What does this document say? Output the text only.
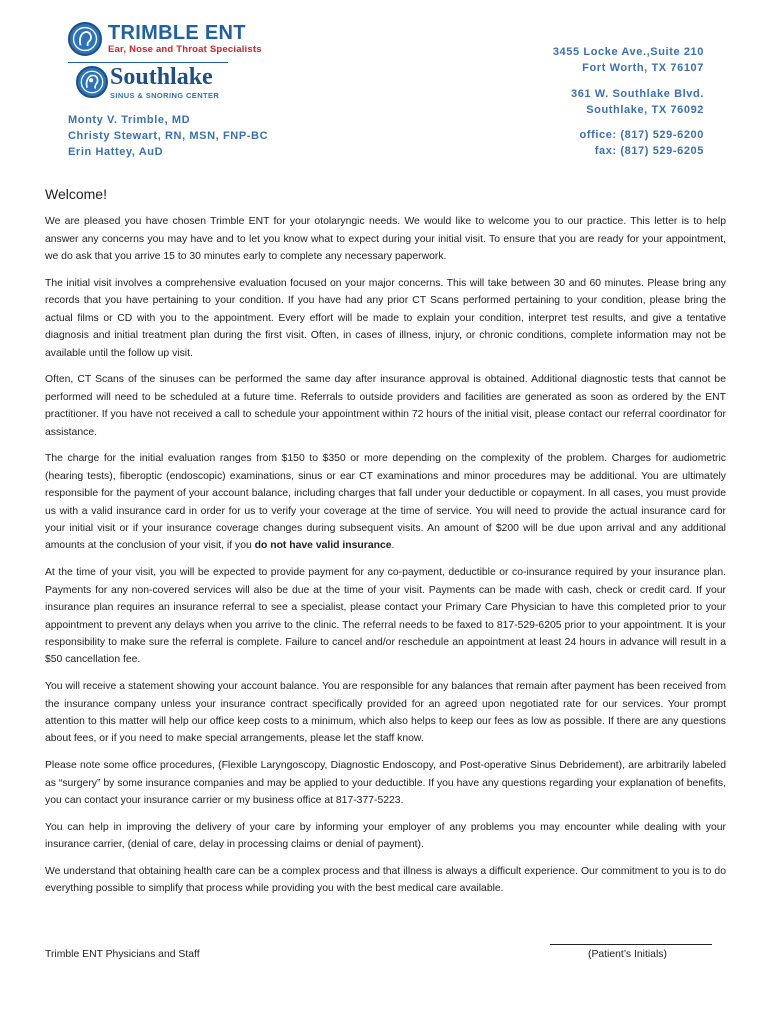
TRIMBLE ENT
Ear, Nose and Throat Specialists
Southlake
SINUS & SNORING CENTER
3455 Locke Ave.,Suite 210
Fort Worth, TX 76107
361 W. Southlake Blvd.
Southlake, TX 76092
office: (817) 529-6200
fax: (817) 529-6205
Monty V. Trimble, MD
Christy Stewart, RN, MSN, FNP-BC
Erin Hattey, AuD
Welcome!

We are pleased you have chosen Trimble ENT for your otolaryngic needs. We would like to welcome you to our practice. This letter is to help answer any concerns you may have and to let you know what to expect during your initial visit. To ensure that you are ready for your appointment, we do ask that you arrive 15 to 30 minutes early to complete any necessary paperwork.

The initial visit involves a comprehensive evaluation focused on your major concerns. This will take between 30 and 60 minutes. Please bring any records that you have pertaining to your condition. If you have had any prior CT Scans performed pertaining to your condition, please bring the actual films or CD with you to the appointment. Every effort will be made to explain your condition, interpret test results, and give a tentative diagnosis and initial treatment plan during the first visit. Often, in cases of illness, injury, or chronic conditions, complete information may not be available until the follow up visit.

Often, CT Scans of the sinuses can be performed the same day after insurance approval is obtained. Additional diagnostic tests that cannot be performed will need to be scheduled at a future time. Referrals to outside providers and facilities are generated as soon as ordered by the ENT practitioner. If you have not received a call to schedule your appointment within 72 hours of the initial visit, please contact our referral coordinator for assistance.

The charge for the initial evaluation ranges from $150 to $350 or more depending on the complexity of the problem. Charges for audiometric (hearing tests), fiberoptic (endoscopic) examinations, sinus or ear CT examinations and minor procedures may be additional. You are ultimately responsible for the payment of your account balance, including charges that fall under your deductible or copayment. In all cases, you must provide us with a valid insurance card in order for us to verify your coverage at the time of service. You will need to provide the actual insurance card for your initial visit or if your insurance coverage changes during subsequent visits. An amount of $200 will be due upon arrival and any additional amounts at the conclusion of your visit, if you do not have valid insurance.

At the time of your visit, you will be expected to provide payment for any co-payment, deductible or co-insurance required by your insurance plan. Payments for any non-covered services will also be due at the time of your visit. Payments can be made with cash, check or credit card. If your insurance plan requires an insurance referral to see a specialist, please contact your Primary Care Physician to have this completed prior to your appointment to prevent any delays when you arrive to the clinic. The referral needs to be faxed to 817-529-6205 prior to your appointment. It is your responsibility to make sure the referral is complete. Failure to cancel and/or reschedule an appointment at least 24 hours in advance will result in a $50 cancellation fee.

You will receive a statement showing your account balance. You are responsible for any balances that remain after payment has been received from the insurance company unless your insurance contract specifically provided for an agreed upon negotiated rate for our services. Your prompt attention to this matter will help our office keep costs to a minimum, which also helps to keep our fees as low as possible. If there are any questions about fees, or if you need to make special arrangements, please let the staff know.

Please note some office procedures, (Flexible Laryngoscopy, Diagnostic Endoscopy, and Post-operative Sinus Debridement), are arbitrarily labeled as “surgery” by some insurance companies and may be applied to your deductible. If you have any questions regarding your explanation of benefits, you can contact your insurance carrier or my business office at 817-377-5223.

You can help in improving the delivery of your care by informing your employer of any problems you may encounter while dealing with your insurance carrier, (denial of care, delay in processing claims or denial of payment).

We understand that obtaining health care can be a complex process and that illness is always a difficult experience. Our commitment to you is to do everything possible to simplify that process while providing you with the best medical care available.

Trimble ENT Physicians and Staff	(Patient’s Initials)
